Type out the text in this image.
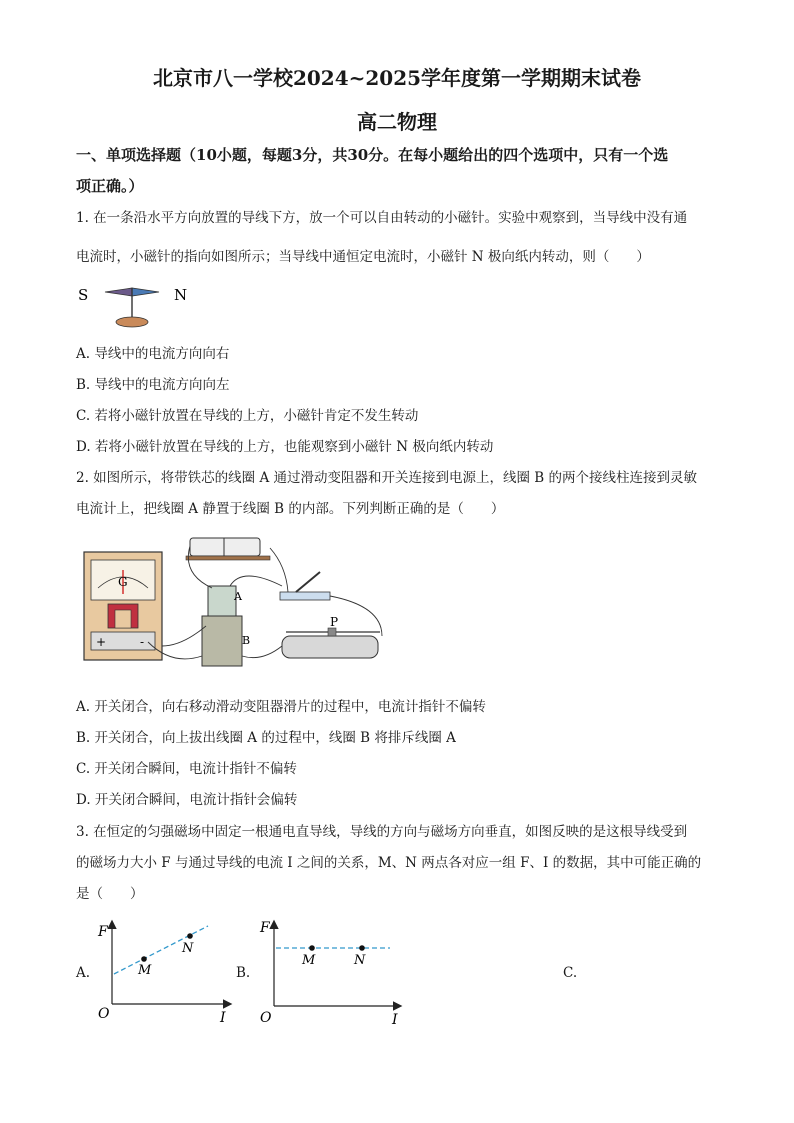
北京市八一学校2024~2025学年度第一学期期末试卷
高二物理
一、单项选择题（10小题，每题3分，共30分。在每小题给出的四个选项中，只有一个选
项正确。）
1. 在一条沿水平方向放置的导线下方，放一个可以自由转动的小磁针。实验中观察到，当导线中没有通
电流时，小磁针的指向如图所示；当导线中通恒定电流时，小磁针 N 极向纸内转动，则（　　）
S	N
A. 导线中的电流方向向右
B. 导线中的电流方向向左
C. 若将小磁针放置在导线的上方，小磁针肯定不发生转动
D. 若将小磁针放置在导线的上方，也能观察到小磁针 N 极向纸内转动
2. 如图所示，将带铁芯的线圈 A 通过滑动变阻器和开关连接到电源上，线圈 B 的两个接线柱连接到灵敏
电流计上，把线圈 A 静置于线圈 B 的内部。下列判断正确的是（　　）
G
+	-
A
B
P
A. 开关闭合，向右移动滑动变阻器滑片的过程中，电流计指针不偏转
B. 开关闭合，向上拔出线圈 A 的过程中，线圈 B 将排斥线圈 A
C. 开关闭合瞬间，电流计指针不偏转
D. 开关闭合瞬间，电流计指针会偏转
3. 在恒定的匀强磁场中固定一根通电直导线，导线的方向与磁场方向垂直，如图反映的是这根导线受到
的磁场力大小 F 与通过导线的电流 I 之间的关系，M、N 两点各对应一组 F、I 的数据，其中可能正确的
是（　　）
A.
F
I
O
M
N
B.
F
I
O
M	N
C.
